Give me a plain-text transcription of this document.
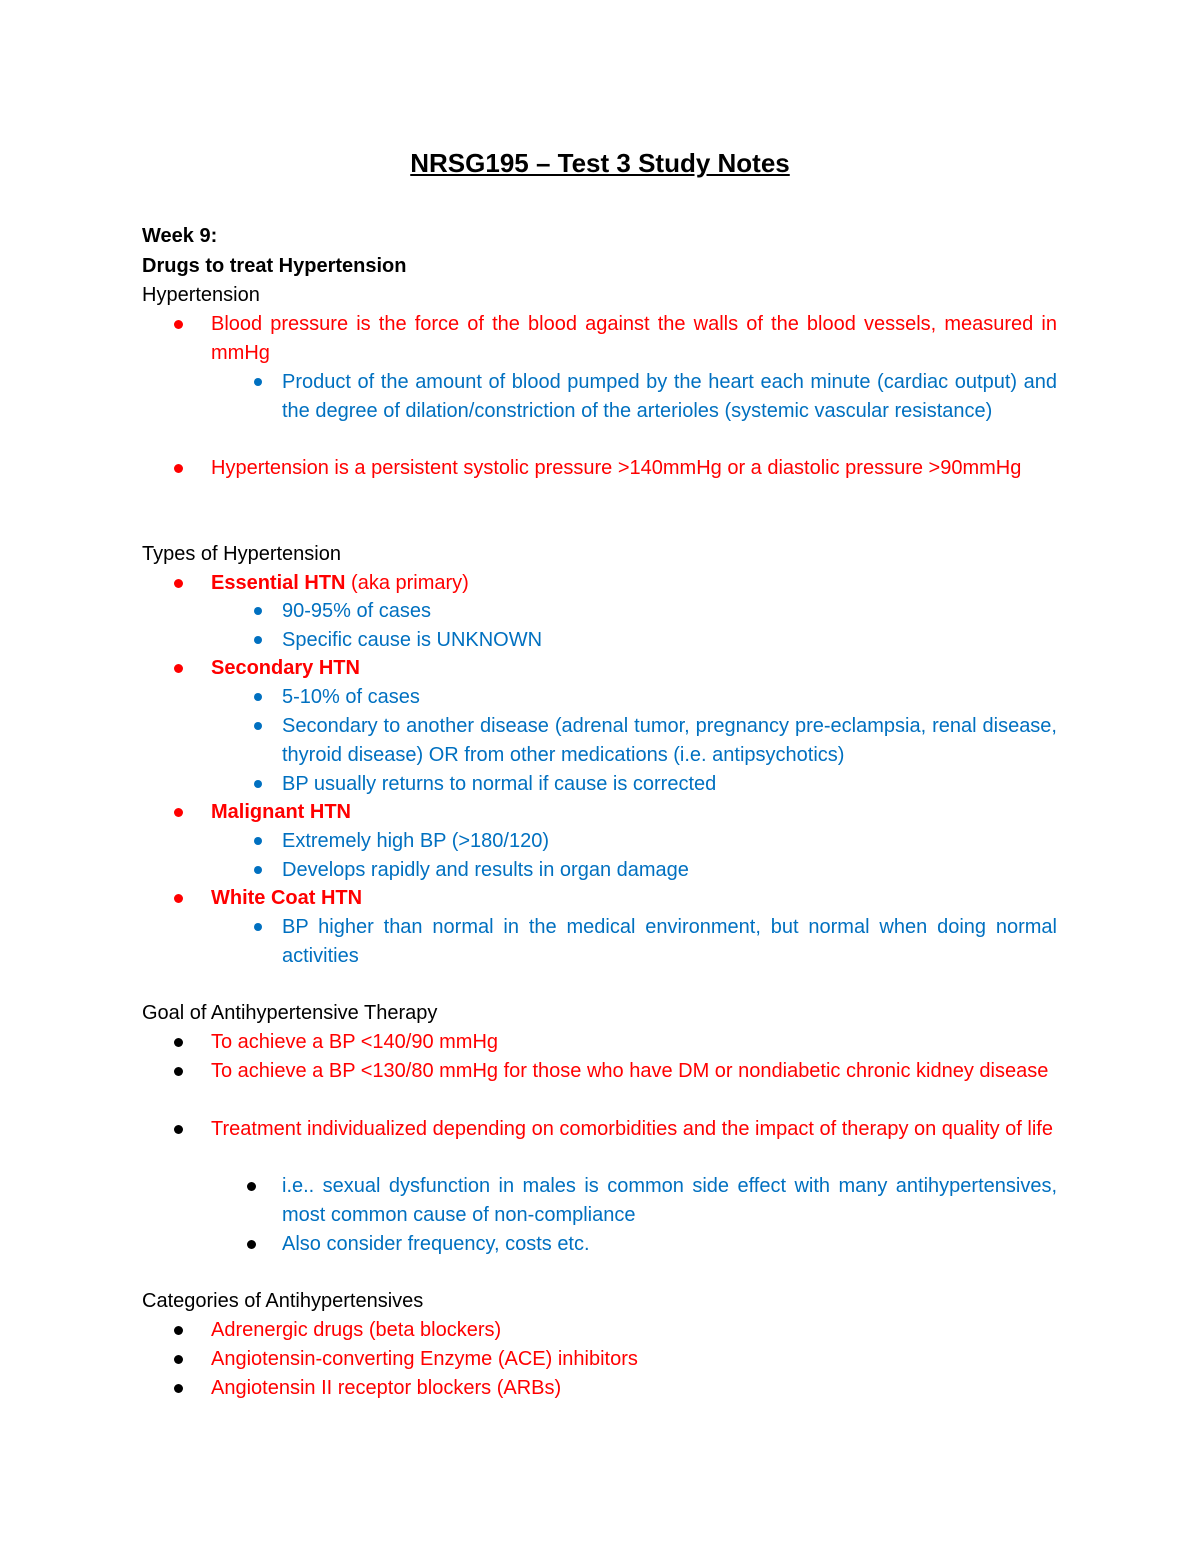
NRSG195 – Test 3 Study Notes
Week 9:
Drugs to treat Hypertension
Hypertension
Blood pressure is the force of the blood against the walls of the blood vessels, measured in mmHg
Product of the amount of blood pumped by the heart each minute (cardiac output) and the degree of dilation/constriction of the arterioles (systemic vascular resistance)
Hypertension is a persistent systolic pressure >140mmHg or a diastolic pressure >90mmHg
Types of Hypertension
Essential HTN (aka primary)
90-95% of cases
Specific cause is UNKNOWN
Secondary HTN
5-10% of cases
Secondary to another disease (adrenal tumor, pregnancy pre-eclampsia, renal disease, thyroid disease) OR from other medications (i.e. antipsychotics)
BP usually returns to normal if cause is corrected
Malignant HTN
Extremely high BP (>180/120)
Develops rapidly and results in organ damage
White Coat HTN
BP higher than normal in the medical environment, but normal when doing normal activities
Goal of Antihypertensive Therapy
To achieve a BP <140/90 mmHg
To achieve a BP <130/80 mmHg for those who have DM or nondiabetic chronic kidney disease
Treatment individualized depending on comorbidities and the impact of therapy on quality of life
i.e.. sexual dysfunction in males is common side effect with many antihypertensives, most common cause of non-compliance
Also consider frequency, costs etc.
Categories of Antihypertensives
Adrenergic drugs (beta blockers)
Angiotensin-converting Enzyme (ACE) inhibitors
Angiotensin II receptor blockers (ARBs)
